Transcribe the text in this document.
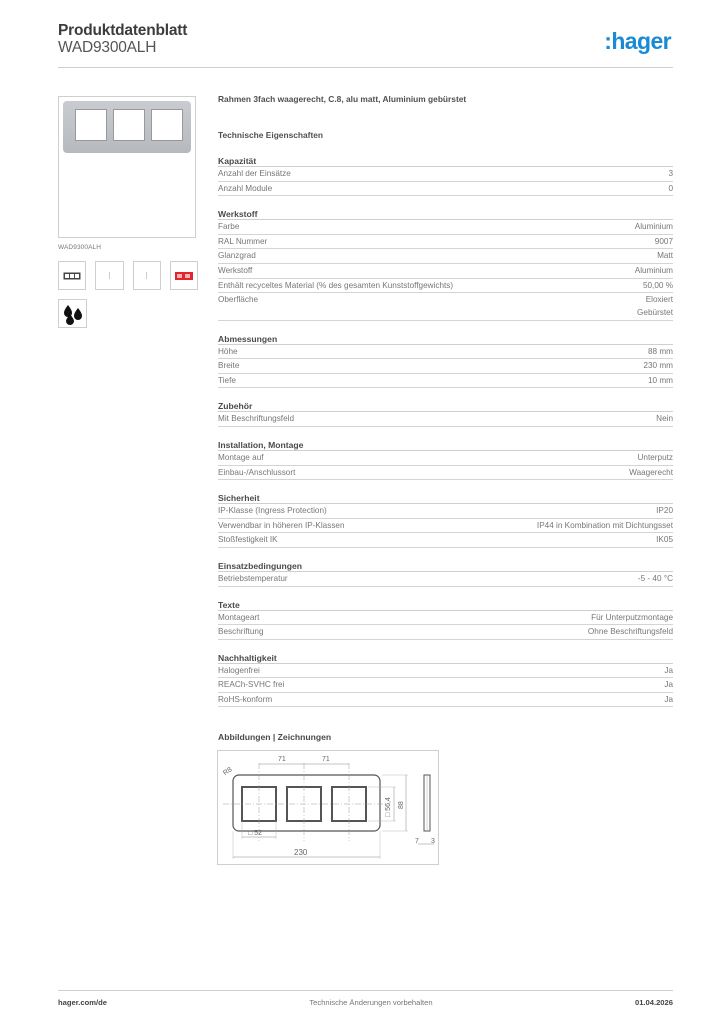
Produktdatenblatt
WAD9300ALH	:hager
WAD9300ALH
Rahmen 3fach waagerecht, C.8, alu matt, Aluminium gebürstet
Technische Eigenschaften
Kapazität
Anzahl der Einsätze	3
Anzahl Module	0
Werkstoff
Farbe	Aluminium
RAL Nummer	9007
Glanzgrad	Matt
Werkstoff	Aluminium
Enthält recyceltes Material (% des gesamten Kunststoffgewichts)	50,00 %
Oberfläche	Eloxiert
Gebürstet
Abmessungen
Höhe	88 mm
Breite	230 mm
Tiefe	10 mm
Zubehör
Mit Beschriftungsfeld	Nein
Installation, Montage
Montage auf	Unterputz
Einbau-/Anschlussort	Waagerecht
Sicherheit
IP-Klasse (Ingress Protection)	IP20
Verwendbar in höheren IP-Klassen	IP44 in Kombination mit Dichtungsset
Stoßfestigkeit IK	IK05
Einsatzbedingungen
Betriebstemperatur	-5 - 40 °C
Texte
Montageart	Für Unterputzmontage
Beschriftung	Ohne Beschriftungsfeld
Nachhaltigkeit
Halogenfrei	Ja
REACh-SVHC frei	Ja
RoHS-konform	Ja
Abbildungen | Zeichnungen
71	71
R8
□ 56,4 88
7 3
□ 52
230
hager.com/de	Technische Änderungen vorbehalten	01.04.2026
